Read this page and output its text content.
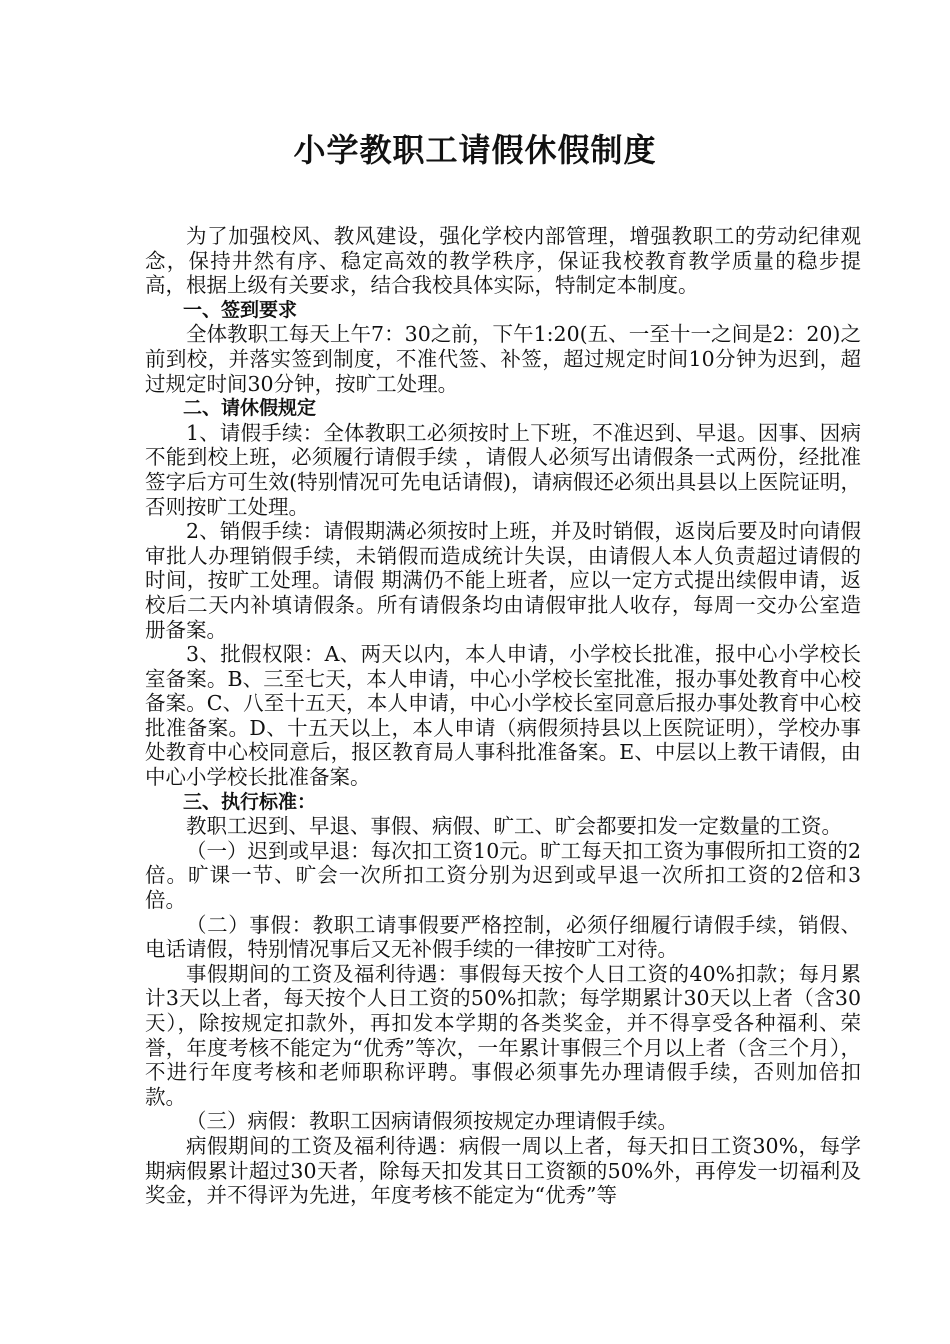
小学教职工请假休假制度

为了加强校风、教风建设，强化学校内部管理，增强教职工的劳动纪律观念，保持井然有序、稳定高效的教学秩序，保证我校教育教学质量的稳步提高，根据上级有关要求，结合我校具体实际，特制定本制度。

一、签到要求

全体教职工每天上午7：30之前，下午1:20(五、一至十一之间是2：20)之前到校，并落实签到制度，不准代签、补签，超过规定时间10分钟为迟到，超过规定时间30分钟，按旷工处理。

二、请休假规定

1、请假手续：全体教职工必须按时上下班，不准迟到、早退。因事、因病不能到校上班，必须履行请假手续 ，请假人必须写出请假条一式两份，经批准签字后方可生效(特别情况可先电话请假)，请病假还必须出具县以上医院证明，否则按旷工处理。

2、销假手续：请假期满必须按时上班，并及时销假，返岗后要及时向请假审批人办理销假手续，未销假而造成统计失误，由请假人本人负责超过请假的时间，按旷工处理。请假 期满仍不能上班者，应以一定方式提出续假申请，返校后二天内补填请假条。所有请假条均由请假审批人收存，每周一交办公室造册备案。

3、批假权限：A、两天以内，本人申请，小学校长批准，报中心小学校长室备案。B、三至七天，本人申请，中心小学校长室批准，报办事处教育中心校备案。C、八至十五天，本人申请，中心小学校长室同意后报办事处教育中心校批准备案。D、十五天以上，本人申请（病假须持县以上医院证明），学校办事处教育中心校同意后，报区教育局人事科批准备案。E、中层以上教干请假，由中心小学校长批准备案。

三、执行标准：

教职工迟到、早退、事假、病假、旷工、旷会都要扣发一定数量的工资。

（一）迟到或早退：每次扣工资10元。旷工每天扣工资为事假所扣工资的2倍。旷课一节、旷会一次所扣工资分别为迟到或早退一次所扣工资的2倍和3倍。

（二）事假：教职工请事假要严格控制，必须仔细履行请假手续，销假、电话请假，特别情况事后又无补假手续的一律按旷工对待。

事假期间的工资及福利待遇：事假每天按个人日工资的40%扣款；每月累计3天以上者，每天按个人日工资的50%扣款；每学期累计30天以上者（含30天），除按规定扣款外，再扣发本学期的各类奖金，并不得享受各种福利、荣誉，年度考核不能定为“优秀”等次，一年累计事假三个月以上者（含三个月），不进行年度考核和老师职称评聘。事假必须事先办理请假手续，否则加倍扣款。

（三）病假：教职工因病请假须按规定办理请假手续。

病假期间的工资及福利待遇：病假一周以上者，每天扣日工资30%，每学期病假累计超过30天者，除每天扣发其日工资额的50%外，再停发一切福利及奖金，并不得评为先进，年度考核不能定为“优秀”等
